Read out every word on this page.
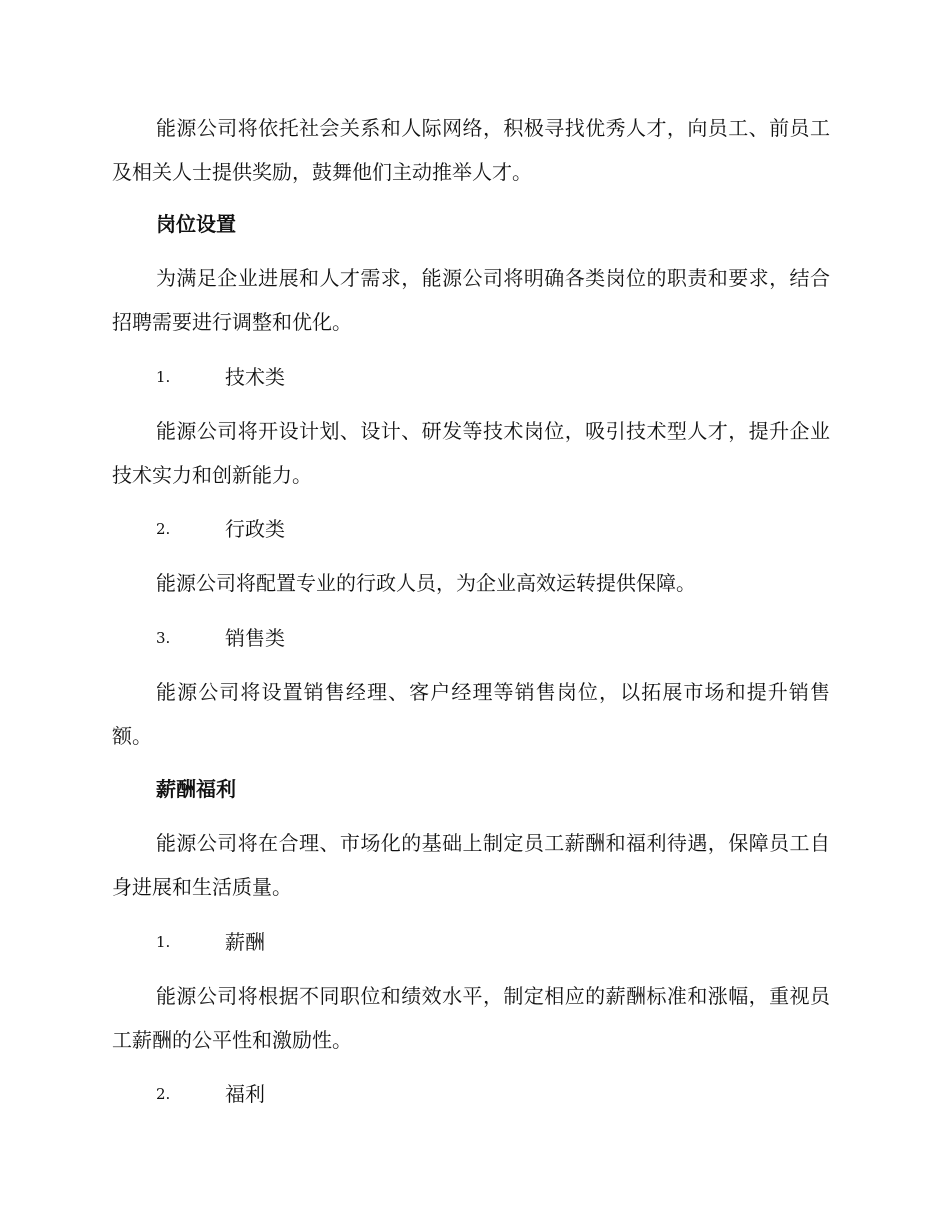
能源公司将依托社会关系和人际网络，积极寻找优秀人才，向员工、前员工及相关人士提供奖励，鼓舞他们主动推举人才。

岗位设置

为满足企业进展和人才需求，能源公司将明确各类岗位的职责和要求，结合招聘需要进行调整和优化。

1.	技术类

能源公司将开设计划、设计、研发等技术岗位，吸引技术型人才，提升企业技术实力和创新能力。

2.	行政类

能源公司将配置专业的行政人员，为企业高效运转提供保障。

3.	销售类

能源公司将设置销售经理、客户经理等销售岗位，以拓展市场和提升销售额。

薪酬福利

能源公司将在合理、市场化的基础上制定员工薪酬和福利待遇，保障员工自身进展和生活质量。

1.	薪酬

能源公司将根据不同职位和绩效水平，制定相应的薪酬标准和涨幅，重视员工薪酬的公平性和激励性。

2.	福利
